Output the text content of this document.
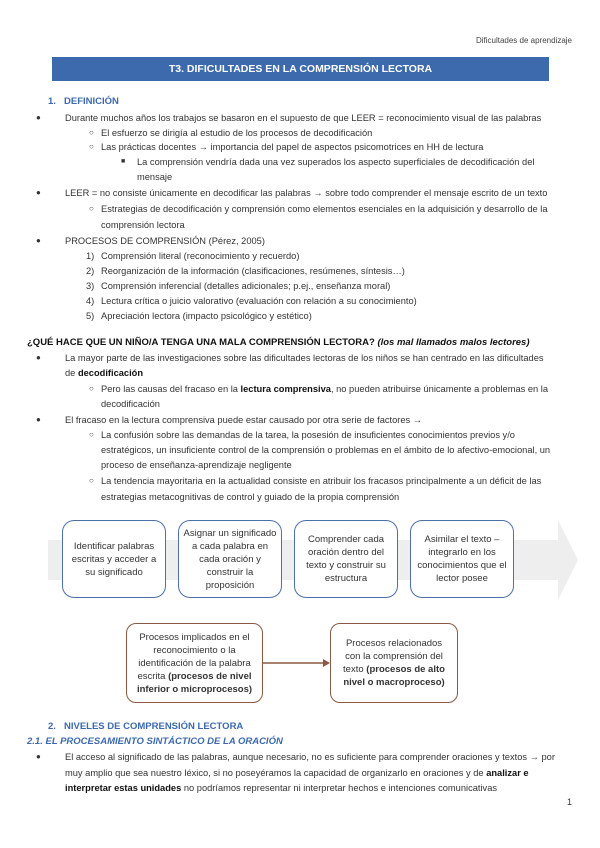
Dificultades de aprendizaje
T3. DIFICULTADES EN LA COMPRENSIÓN LECTORA
1. DEFINICIÓN
●	Durante muchos años los trabajos se basaron en el supuesto de que LEER = reconocimiento visual de las palabras
○ El esfuerzo se dirigía al estudio de los procesos de decodificación
○ Las prácticas docentes → importancia del papel de aspectos psicomotrices en HH de lectura
■ La comprensión vendría dada una vez superados los aspecto superficiales de decodificación del
mensaje
●	LEER = no consiste únicamente en decodificar las palabras → sobre todo comprender el mensaje escrito de un texto
○ Estrategias de decodificación y comprensión como elementos esenciales en la adquisición y desarrollo de la
comprensión lectora
●	PROCESOS DE COMPRENSIÓN (Pérez, 2005)
1) Comprensión literal (reconocimiento y recuerdo)
2) Reorganización de la información (clasificaciones, resúmenes, síntesis…)
3) Comprensión inferencial (detalles adicionales; p.ej., enseñanza moral)
4) Lectura crítica o juicio valorativo (evaluación con relación a su conocimiento)
5) Apreciación lectora (impacto psicológico y estético)
¿QUÉ HACE QUE UN NIÑO/A TENGA UNA MALA COMPRENSIÓN LECTORA? (los mal llamados malos lectores)
●	La mayor parte de las investigaciones sobre las dificultades lectoras de los niños se han centrado en las dificultades
de decodificación
○ Pero las causas del fracaso en la lectura comprensiva, no pueden atribuirse únicamente a problemas en la
decodificación
●	El fracaso en la lectura comprensiva puede estar causado por otra serie de factores →
○ La confusión sobre las demandas de la tarea, la posesión de insuficientes conocimientos previos y/o
estratégicos, un insuficiente control de la comprensión o problemas en el ámbito de lo afectivo-emocional, un
proceso de enseñanza-aprendizaje negligente
○ La tendencia mayoritaria en la actualidad consiste en atribuir los fracasos principalmente a un déficit de las
estrategias metacognitivas de control y guiado de la propia comprensión
Identificar palabras escritas y acceder a su significado
Asignar un significado a cada palabra en cada oración y construir la proposición
Comprender cada oración dentro del texto y construir su estructura
Asimilar el texto – integrarlo en los conocimientos que el lector posee
Procesos implicados en el reconocimiento o la identificación de la palabra escrita (procesos de nivel inferior o microprocesos)
Procesos relacionados con la comprensión del texto (procesos de alto nivel o macroproceso)
2. NIVELES DE COMPRENSIÓN LECTORA
2.1. EL PROCESAMIENTO SINTÁCTICO DE LA ORACIÓN
●	El acceso al significado de las palabras, aunque necesario, no es suficiente para comprender oraciones y textos → por
muy amplio que sea nuestro léxico, si no poseyéramos la capacidad de organizarlo en oraciones y de analizar e
interpretar estas unidades no podríamos representar ni interpretar hechos e intenciones comunicativas
1
